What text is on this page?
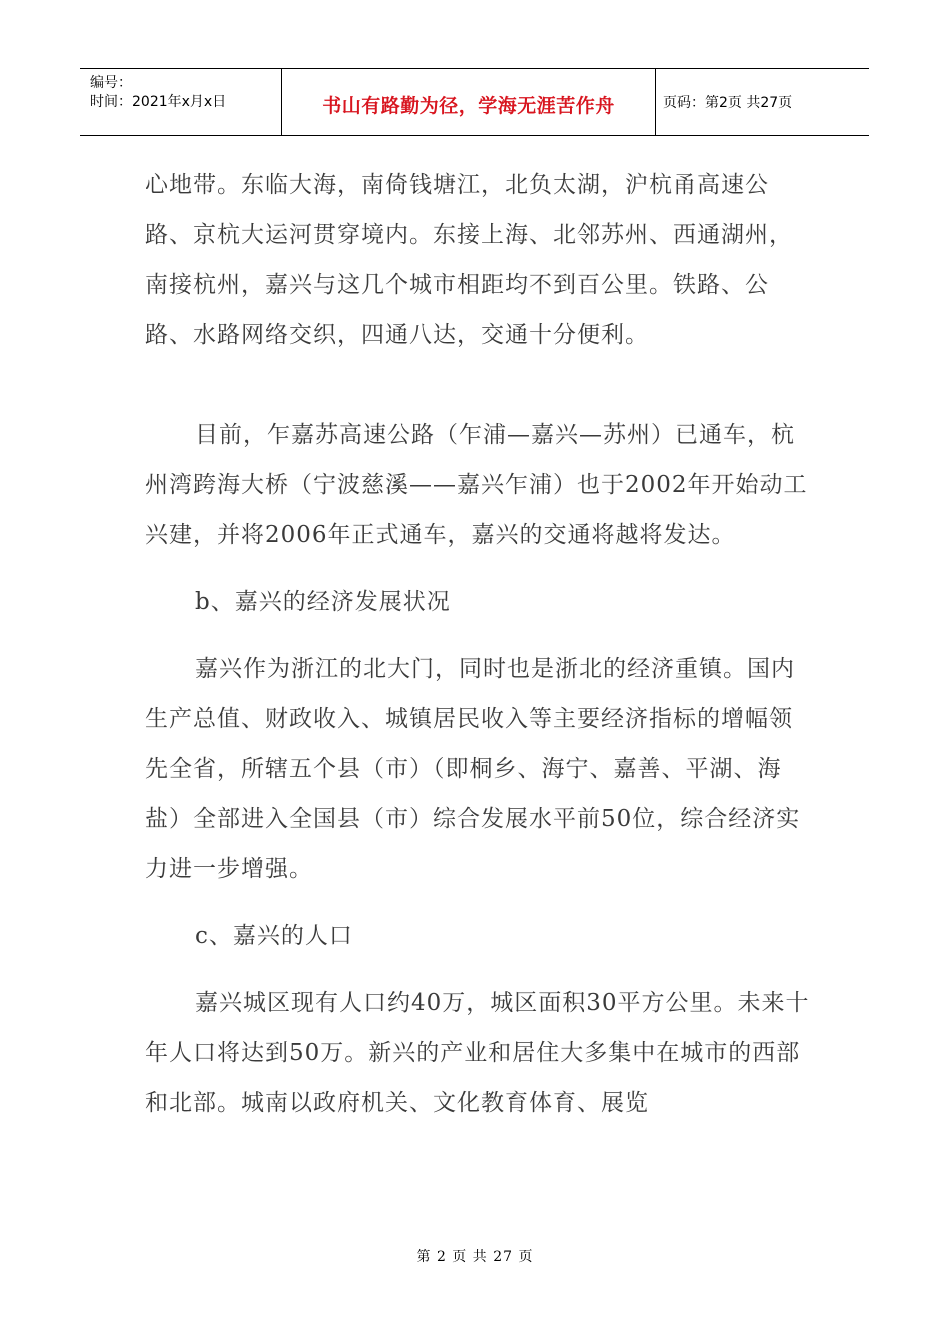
编号：
时间：2021年x月x日	书山有路勤为径，学海无涯苦作舟	页码：第2页 共27页

心地带。东临大海，南倚钱塘江，北负太湖，沪杭甬高速公路、京杭大运河贯穿境内。东接上海、北邻苏州、西通湖州，南接杭州，嘉兴与这几个城市相距均不到百公里。铁路、公路、水路网络交织，四通八达，交通十分便利。

目前，乍嘉苏高速公路（乍浦—嘉兴—苏州）已通车，杭州湾跨海大桥（宁波慈溪——嘉兴乍浦）也于2002年开始动工兴建，并将2006年正式通车，嘉兴的交通将越将发达。

b、嘉兴的经济发展状况

嘉兴作为浙江的北大门，同时也是浙北的经济重镇。国内生产总值、财政收入、城镇居民收入等主要经济指标的增幅领先全省，所辖五个县（市）（即桐乡、海宁、嘉善、平湖、海盐）全部进入全国县（市）综合发展水平前50位，综合经济实力进一步增强。

c、嘉兴的人口

嘉兴城区现有人口约40万，城区面积30平方公里。未来十年人口将达到50万。新兴的产业和居住大多集中在城市的西部和北部。城南以政府机关、文化教育体育、展览

第 2 页 共 27 页
